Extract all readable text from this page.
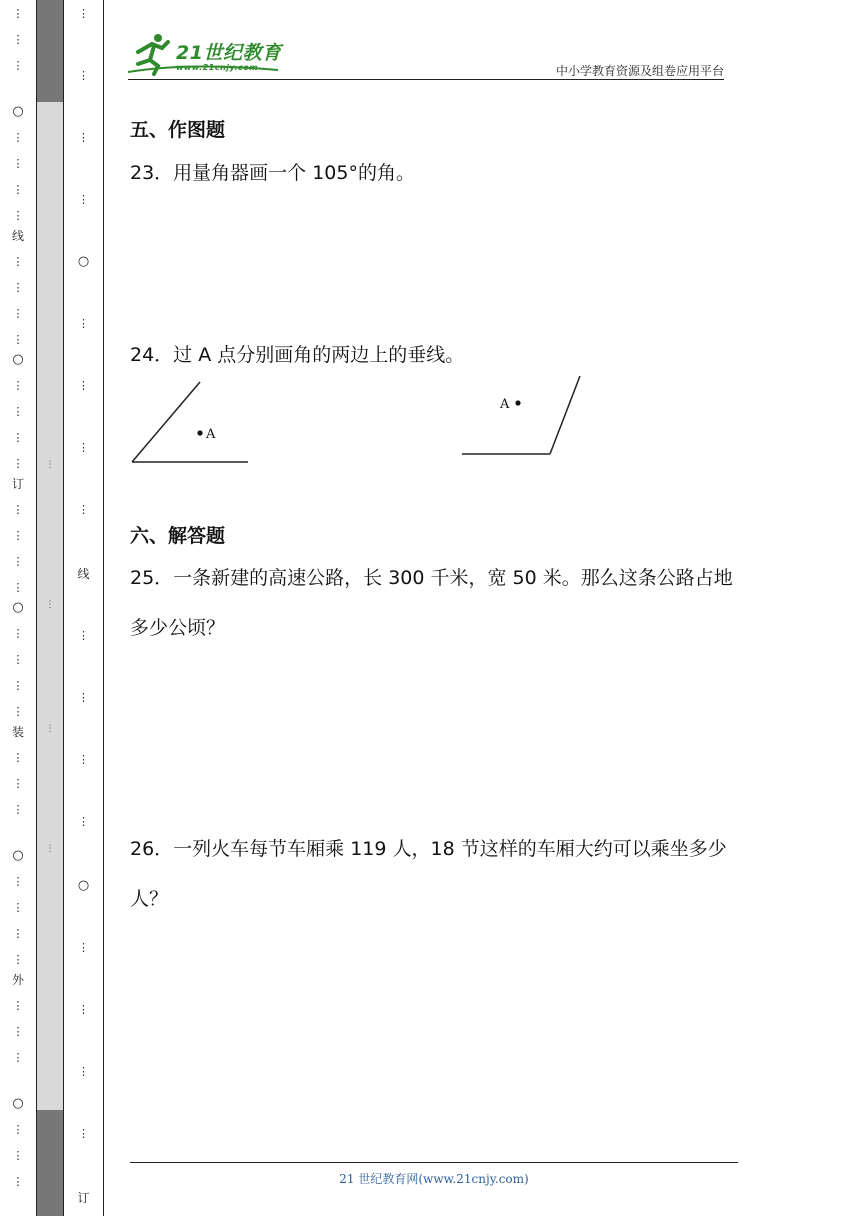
⋮
⋮
⋮
○
⋮
⋮
⋮
⋮
线
⋮
⋮
⋮
⋮
○
⋮
⋮
⋮
⋮
订
⋮
⋮
⋮
⋮
○
⋮
⋮
⋮
⋮
装
⋮
⋮
⋮
○
⋮
⋮
⋮
⋮
外
⋮
⋮
⋮
○
⋮
⋮
⋮
⋮
⋮
⋮
⋮
⋮
⋮
⋮
⋮
○
⋮
⋮
⋮
⋮
线
⋮
⋮
⋮
⋮
○
⋮
⋮
⋮
⋮
订
21世纪教育
www.21cnjy.com	中小学教育资源及组卷应用平台
五、作图题
23．用量角器画一个 105°的角。
24．过 A 点分别画角的两边上的垂线。
A
A
六、解答题
25．一条新建的高速公路，长 300 千米，宽 50 米。那么这条公路占地多少公顷？
26．一列火车每节车厢乘 119 人，18 节这样的车厢大约可以乘坐多少人？
21 世纪教育网(www.21cnjy.com)
